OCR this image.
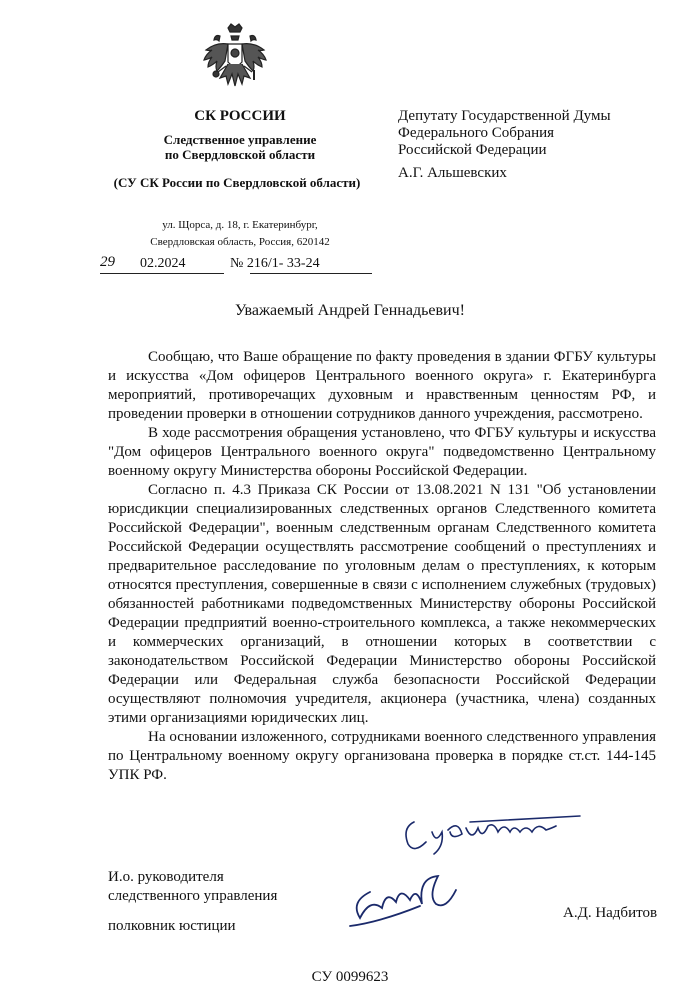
СК РОССИИ
Следственное управление
по Свердловской области
(СУ СК России по Свердловской области)
ул. Щорса, д. 18, г. Екатеринбург,
Свердловская область, Россия, 620142
29 02.2024	№ 216/1- 33-24
Депутату Государственной Думы
Федерального Собрания
Российской Федерации
А.Г. Альшевских
Уважаемый Андрей Геннадьевич!

Сообщаю, что Ваше обращение по факту проведения в здании ФГБУ культуры и искусства «Дом офицеров Центрального военного округа» г. Екатеринбурга мероприятий, противоречащих духовным и нравственным ценностям РФ, и проведении проверки в отношении сотрудников данного учреждения, рассмотрено.

В ходе рассмотрения обращения установлено, что ФГБУ культуры и искусства "Дом офицеров Центрального военного округа" подведомственно Центральному военному округу Министерства обороны Российской Федерации.

Согласно п. 4.3 Приказа СК России от 13.08.2021 N 131 "Об установлении юрисдикции специализированных следственных органов Следственного комитета Российской Федерации", военным следственным органам Следственного комитета Российской Федерации осуществлять рассмотрение сообщений о преступлениях и предварительное расследование по уголовным делам о преступлениях, к которым относятся преступления, совершенные в связи с исполнением служебных (трудовых) обязанностей работниками подведомственных Министерству обороны Российской Федерации предприятий военно-строительного комплекса, а также некоммерческих и коммерческих организаций, в отношении которых в соответствии с законодательством Российской Федерации Министерство обороны Российской Федерации или Федеральная служба безопасности Российской Федерации осуществляют полномочия учредителя, акционера (участника, члена) созданных этими организациями юридических лиц.

На основании изложенного, сотрудниками военного следственного управления по Центральному военному округу организована проверка в порядке ст.ст. 144-145 УПК РФ.

И.о. руководителя
следственного управления
полковник юстиции
А.Д. Надбитов
СУ 0099623
